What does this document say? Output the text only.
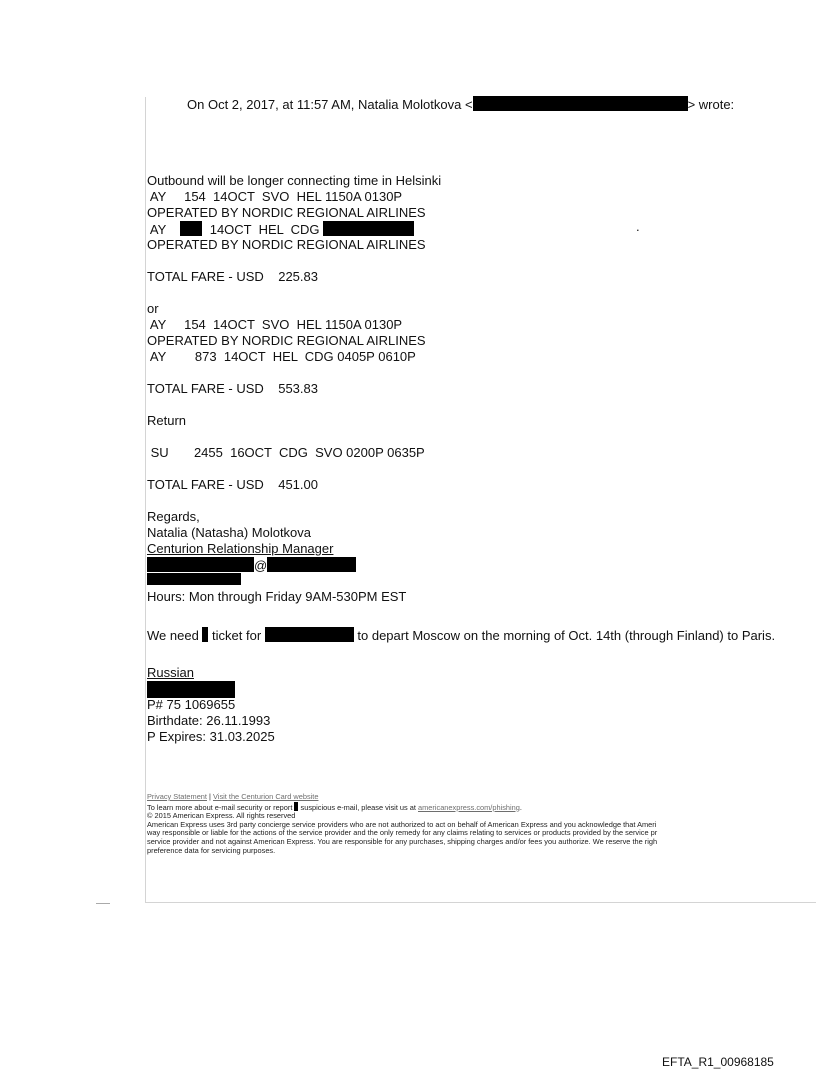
On Oct 2, 2017, at 11:57 AM, Natalia Molotkova <	> wrote:
Outbound will be longer connecting time in Helsinki
AY     154  14OCT  SVO  HEL 1150A 0130P
OPERATED BY NORDIC REGIONAL AIRLINES
AY      14OCT  HEL  CDG	.
OPERATED BY NORDIC REGIONAL AIRLINES
TOTAL FARE - USD    225.83
or
AY     154  14OCT  SVO  HEL 1150A 0130P
OPERATED BY NORDIC REGIONAL AIRLINES
AY        873  14OCT  HEL  CDG 0405P 0610P
TOTAL FARE - USD    553.83
Return
SU       2455  16OCT  CDG  SVO 0200P 0635P
TOTAL FARE - USD    451.00
Regards,
Natalia (Natasha) Molotkova
Centurion Relationship Manager
@
Hours: Mon through Friday 9AM-530PM EST
We need  ticket for	to depart Moscow on the morning of Oct. 14th (through Finland) to Paris.
Russian
P# 75 1069655
Birthdate: 26.11.1993
P Expires: 31.03.2025
Privacy Statement | Visit the Centurion Card website
To learn more about e-mail security or report  suspicious e-mail, please visit us at americanexpress.com/phishing.
© 2015 American Express. All rights reserved
American Express uses 3rd party concierge service providers who are not authorized to act on behalf of American Express and you acknowledge that Ameri
way responsible or liable for the actions of the service provider and the only remedy for any claims relating to services or products provided by the service pr
service provider and not against American Express. You are responsible for any purchases, shipping charges and/or fees you authorize. We reserve the righ
preference data for servicing purposes.
EFTA_R1_00968185
